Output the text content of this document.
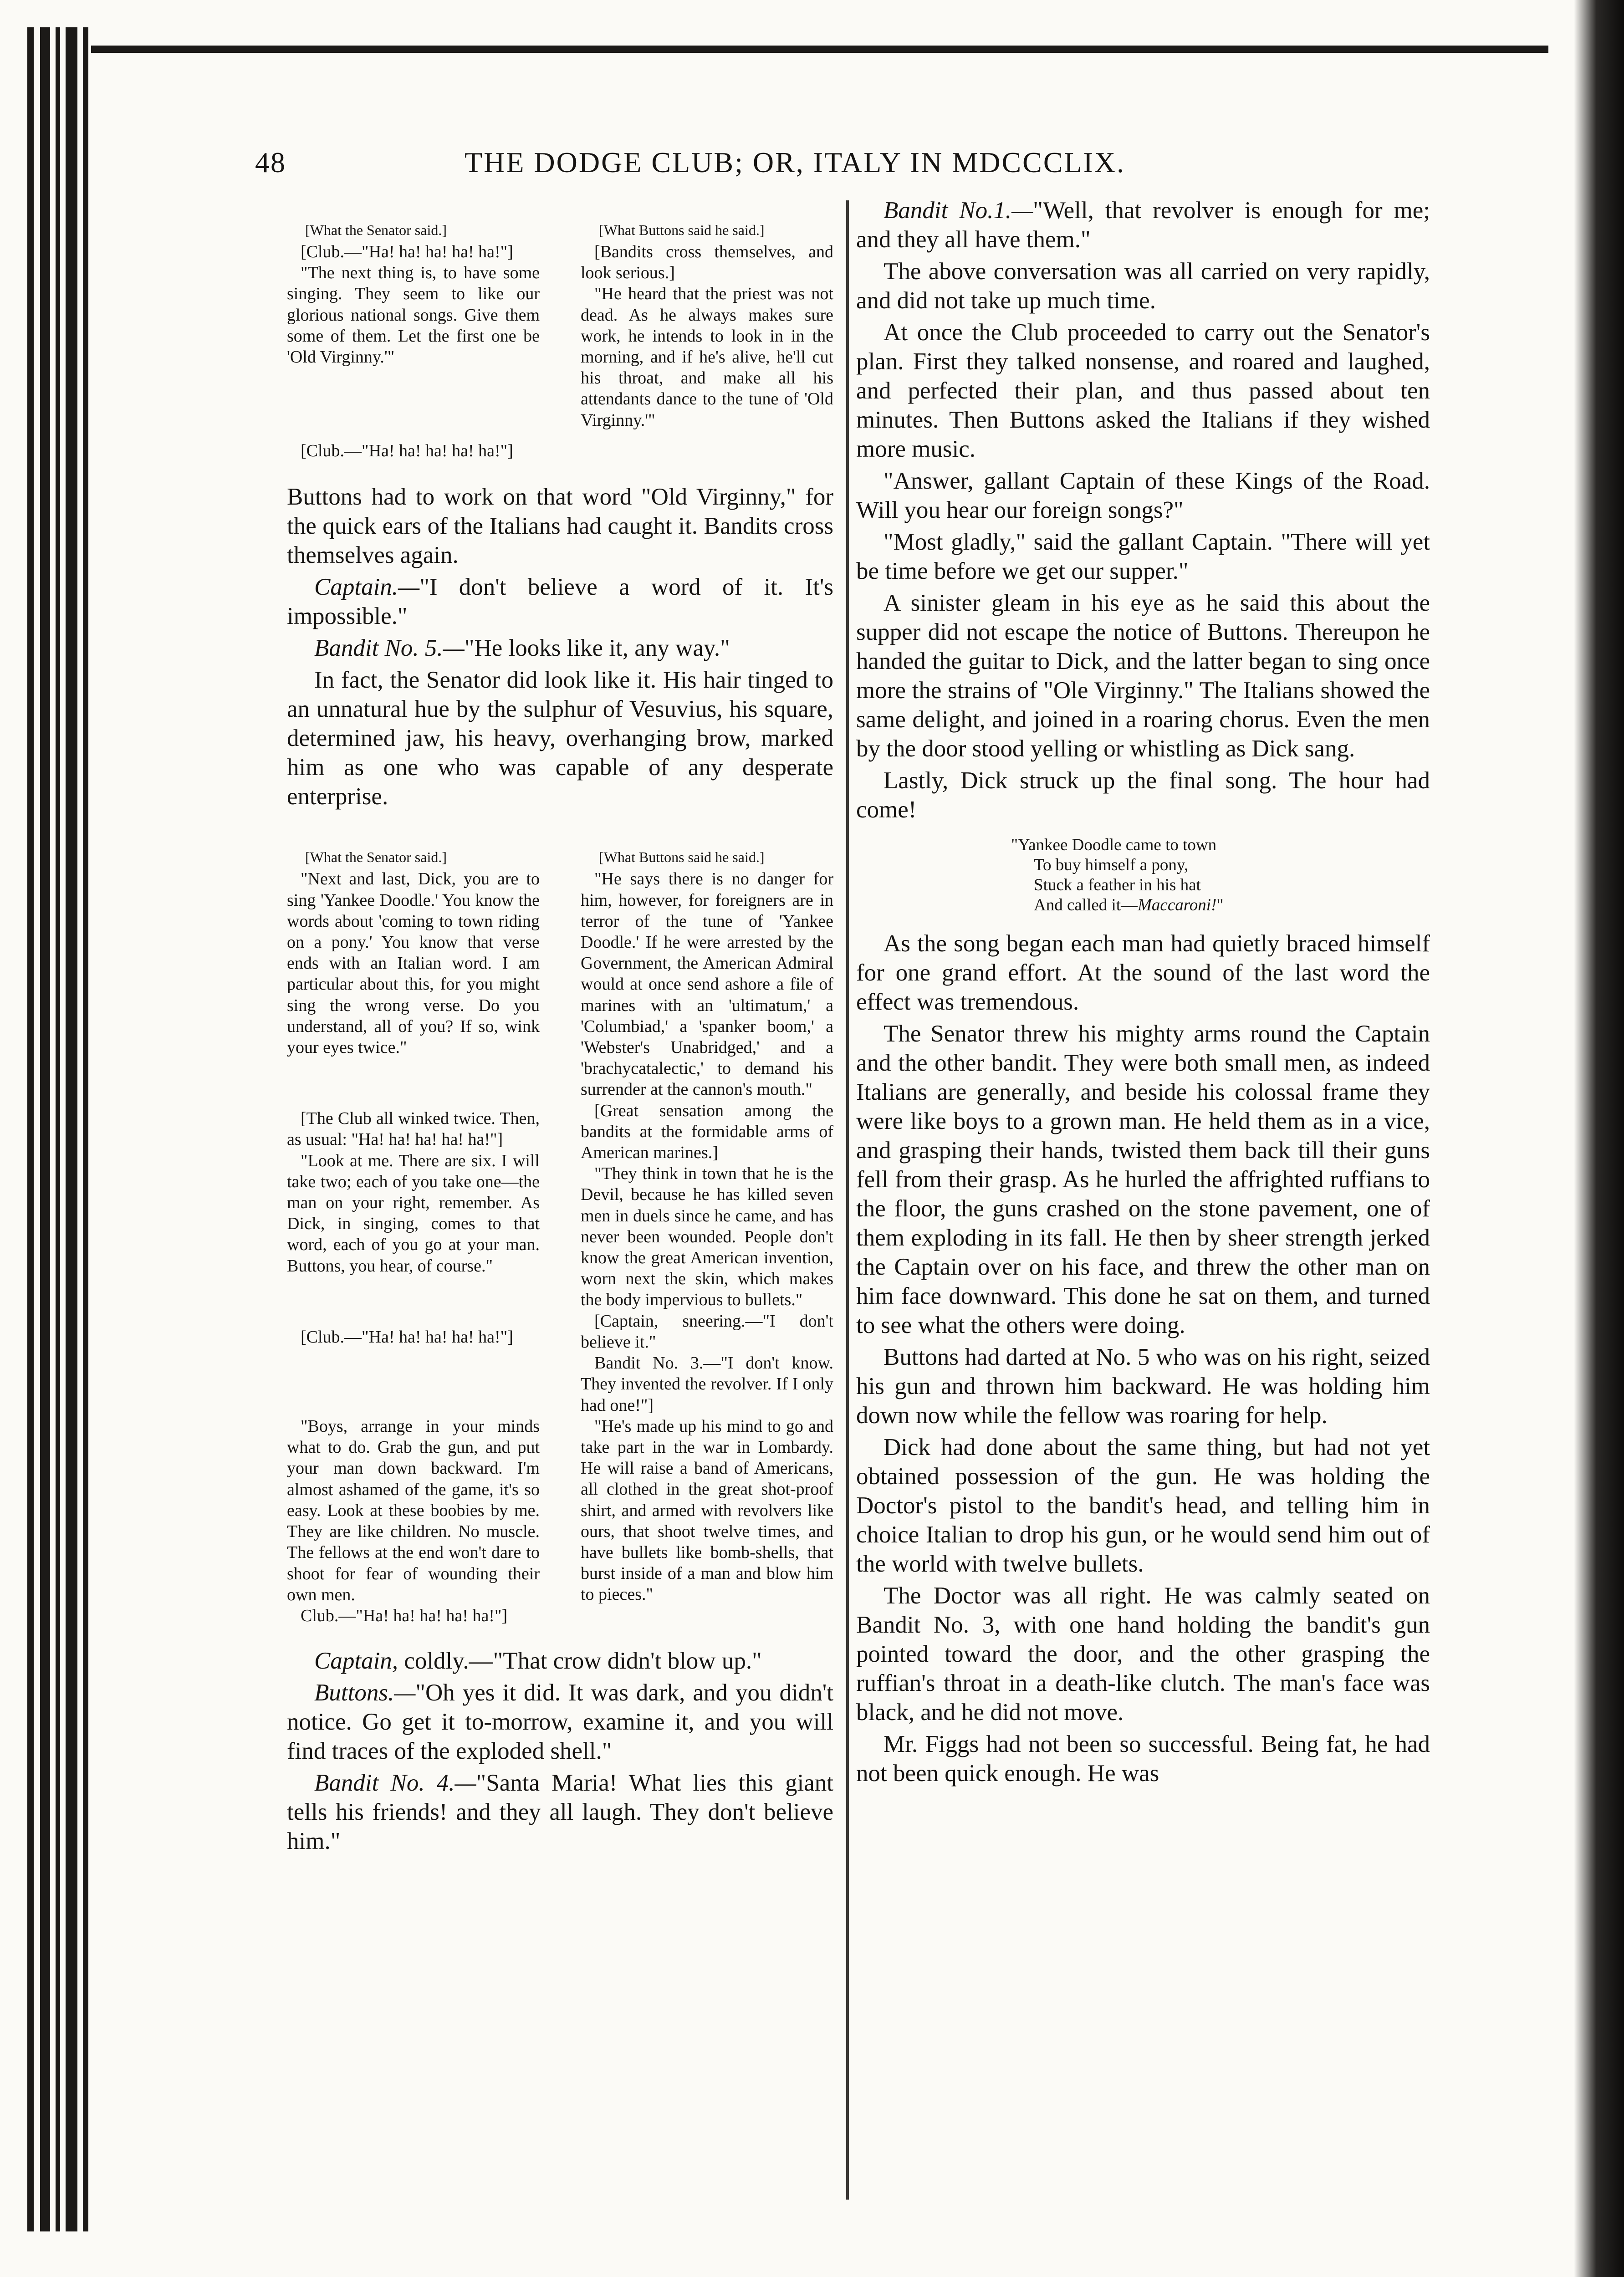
48	THE DODGE CLUB; OR, ITALY IN MDCCCLIX.

[What the Senator said.]

[Club.—"Ha! ha! ha! ha! ha!"]

"The next thing is, to have some singing. They seem to like our glorious national songs. Give them some of them. Let the first one be 'Old Virginny.'"

[Club.—"Ha! ha! ha! ha! ha!"]

[What Buttons said he said.]

[Bandits cross themselves, and look serious.]

"He heard that the priest was not dead. As he always makes sure work, he intends to look in in the morning, and if he's alive, he'll cut his throat, and make all his attendants dance to the tune of 'Old Virginny.'"

Buttons had to work on that word "Old Virginny," for the quick ears of the Italians had caught it. Bandits cross themselves again.

Captain.—"I don't believe a word of it. It's impossible."

Bandit No. 5.—"He looks like it, any way."

In fact, the Senator did look like it. His hair tinged to an unnatural hue by the sulphur of Vesuvius, his square, determined jaw, his heavy, overhanging brow, marked him as one who was capable of any desperate enterprise.

[What the Senator said.]

"Next and last, Dick, you are to sing 'Yankee Doodle.' You know the words about 'coming to town riding on a pony.' You know that verse ends with an Italian word. I am particular about this, for you might sing the wrong verse. Do you understand, all of you? If so, wink your eyes twice."

[The Club all winked twice. Then, as usual: "Ha! ha! ha! ha! ha!"]

"Look at me. There are six. I will take two; each of you take one—the man on your right, remember. As Dick, in singing, comes to that word, each of you go at your man. Buttons, you hear, of course."

[Club.—"Ha! ha! ha! ha! ha!"]

"Boys, arrange in your minds what to do. Grab the gun, and put your man down backward. I'm almost ashamed of the game, it's so easy. Look at these boobies by me. They are like children. No muscle. The fellows at the end won't dare to shoot for fear of wounding their own men.

Club.—"Ha! ha! ha! ha! ha!"]

[What Buttons said he said.]

"He says there is no danger for him, however, for foreigners are in terror of the tune of 'Yankee Doodle.' If he were arrested by the Government, the American Admiral would at once send ashore a file of marines with an 'ultimatum,' a 'Columbiad,' a 'spanker boom,' a 'Webster's Unabridged,' and a 'brachycatalectic,' to demand his surrender at the cannon's mouth."

[Great sensation among the bandits at the formidable arms of American marines.]

"They think in town that he is the Devil, because he has killed seven men in duels since he came, and has never been wounded. People don't know the great American invention, worn next the skin, which makes the body impervious to bullets."

[Captain, sneering.—"I don't believe it."

Bandit No. 3.—"I don't know. They invented the revolver. If I only had one!"]

"He's made up his mind to go and take part in the war in Lombardy. He will raise a band of Americans, all clothed in the great shot-proof shirt, and armed with revolvers like ours, that shoot twelve times, and have bullets like bomb-shells, that burst inside of a man and blow him to pieces."

Captain, coldly.—"That crow didn't blow up."

Buttons.—"Oh yes it did. It was dark, and you didn't notice. Go get it to-morrow, examine it, and you will find traces of the exploded shell."

Bandit No. 4.—"Santa Maria! What lies this giant tells his friends! and they all laugh. They don't believe him."

Bandit No.1.—"Well, that revolver is enough for me; and they all have them."

The above conversation was all carried on very rapidly, and did not take up much time.

At once the Club proceeded to carry out the Senator's plan. First they talked nonsense, and roared and laughed, and perfected their plan, and thus passed about ten minutes. Then Buttons asked the Italians if they wished more music.

"Answer, gallant Captain of these Kings of the Road. Will you hear our foreign songs?"

"Most gladly," said the gallant Captain. "There will yet be time before we get our supper."

A sinister gleam in his eye as he said this about the supper did not escape the notice of Buttons. Thereupon he handed the guitar to Dick, and the latter began to sing once more the strains of "Ole Virginny." The Italians showed the same delight, and joined in a roaring chorus. Even the men by the door stood yelling or whistling as Dick sang.

Lastly, Dick struck up the final song. The hour had come!

"Yankee Doodle came to town
To buy himself a pony,
Stuck a feather in his hat
And called it—Maccaroni!"

As the song began each man had quietly braced himself for one grand effort. At the sound of the last word the effect was tremendous.

The Senator threw his mighty arms round the Captain and the other bandit. They were both small men, as indeed Italians are generally, and beside his colossal frame they were like boys to a grown man. He held them as in a vice, and grasping their hands, twisted them back till their guns fell from their grasp. As he hurled the affrighted ruffians to the floor, the guns crashed on the stone pavement, one of them exploding in its fall. He then by sheer strength jerked the Captain over on his face, and threw the other man on him face downward. This done he sat on them, and turned to see what the others were doing.

Buttons had darted at No. 5 who was on his right, seized his gun and thrown him backward. He was holding him down now while the fellow was roaring for help.

Dick had done about the same thing, but had not yet obtained possession of the gun. He was holding the Doctor's pistol to the bandit's head, and telling him in choice Italian to drop his gun, or he would send him out of the world with twelve bullets.

The Doctor was all right. He was calmly seated on Bandit No. 3, with one hand holding the bandit's gun pointed toward the door, and the other grasping the ruffian's throat in a death-like clutch. The man's face was black, and he did not move.

Mr. Figgs had not been so successful. Being fat, he had not been quick enough. He was
